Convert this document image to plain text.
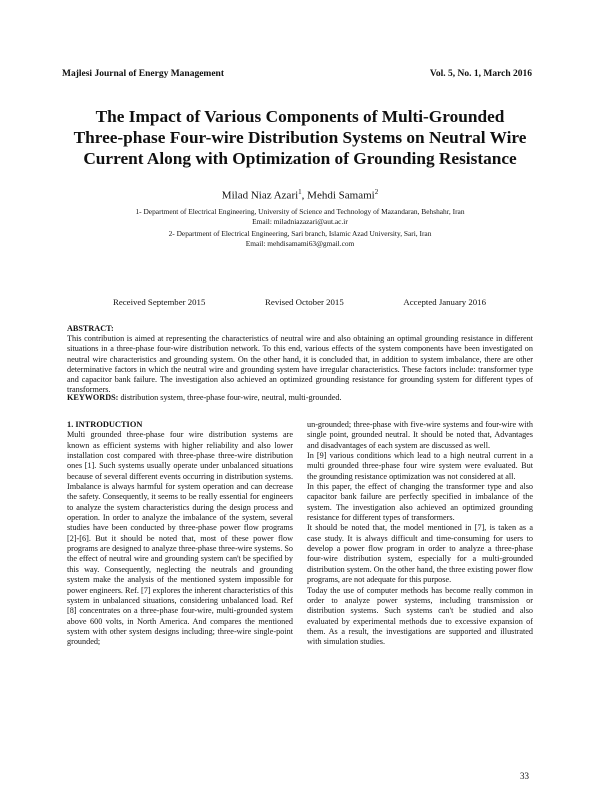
Majlesi Journal of Energy Management	Vol. 5, No. 1, March 2016
The Impact of Various Components of Multi-Grounded
Three-phase Four-wire Distribution Systems on Neutral Wire
Current Along with Optimization of Grounding Resistance
Milad Niaz Azari$^1$, Mehdi Samami$^2$
1- Department of Electrical Engineering, University of Science and Technology of Mazandaran, Behshahr, Iran
Email: miladniazazari@aut.ac.ir
2- Department of Electrical Engineering, Sari branch, Islamic Azad University, Sari, Iran
Email: mehdisamami63@gmail.com
Received September 2015	Revised October 2015	Accepted January 2016
ABSTRACT:
This contribution is aimed at representing the characteristics of neutral wire and also obtaining an optimal grounding resistance in different situations in a three-phase four-wire distribution network. To this end, various effects of the system components have been investigated on neutral wire characteristics and grounding system. On the other hand, it is concluded that, in addition to system imbalance, there are other determinative factors in which the neutral wire and grounding system have irregular characteristics. These factors include: transformer type and capacitor bank failure. The investigation also achieved an optimized grounding resistance for grounding system for different types of transformers.
KEYWORDS: distribution system, three-phase four-wire, neutral, multi-grounded.

1. INTRODUCTION

Multi grounded three-phase four wire distribution systems are known as efficient systems with higher reliability and also lower installation cost compared with three-phase three-wire distribution ones [1]. Such systems usually operate under unbalanced situations because of several different events occurring in distribution systems. Imbalance is always harmful for system operation and can decrease the safety. Consequently, it seems to be really essential for engineers to analyze the system characteristics during the design process and operation. In order to analyze the imbalance of the system, several studies have been conducted by three-phase power flow programs [2]-[6]. But it should be noted that, most of these power flow programs are designed to analyze three-phase three-wire systems. So the effect of neutral wire and grounding system can't be specified by this way. Consequently, neglecting the neutrals and grounding system make the analysis of the mentioned system impossible for power engineers. Ref. [7] explores the inherent characteristics of this system in unbalanced situations, considering unbalanced load. Ref [8] concentrates on a three-phase four-wire, multi-grounded system above 600 volts, in North America. And compares the mentioned system with other system designs including; three-wire single-point grounded;

un-grounded; three-phase with five-wire systems and four-wire with single point, grounded neutral. It should be noted that, Advantages and disadvantages of each system are discussed as well.

In [9] various conditions which lead to a high neutral current in a multi grounded three-phase four wire system were evaluated. But the grounding resistance optimization was not considered at all.

In this paper, the effect of changing the transformer type and also capacitor bank failure are perfectly specified in imbalance of the system. The investigation also achieved an optimized grounding resistance for different types of transformers.

It should be noted that, the model mentioned in [7], is taken as a case study. It is always difficult and time-consuming for users to develop a power flow program in order to analyze a three-phase four-wire distribution system, especially for a multi-grounded distribution system. On the other hand, the three existing power flow programs, are not adequate for this purpose.

Today the use of computer methods has become really common in order to analyze power systems, including transmission or distribution systems. Such systems can't be studied and also evaluated by experimental methods due to excessive expansion of them. As a result, the investigations are supported and illustrated with simulation studies.

33
